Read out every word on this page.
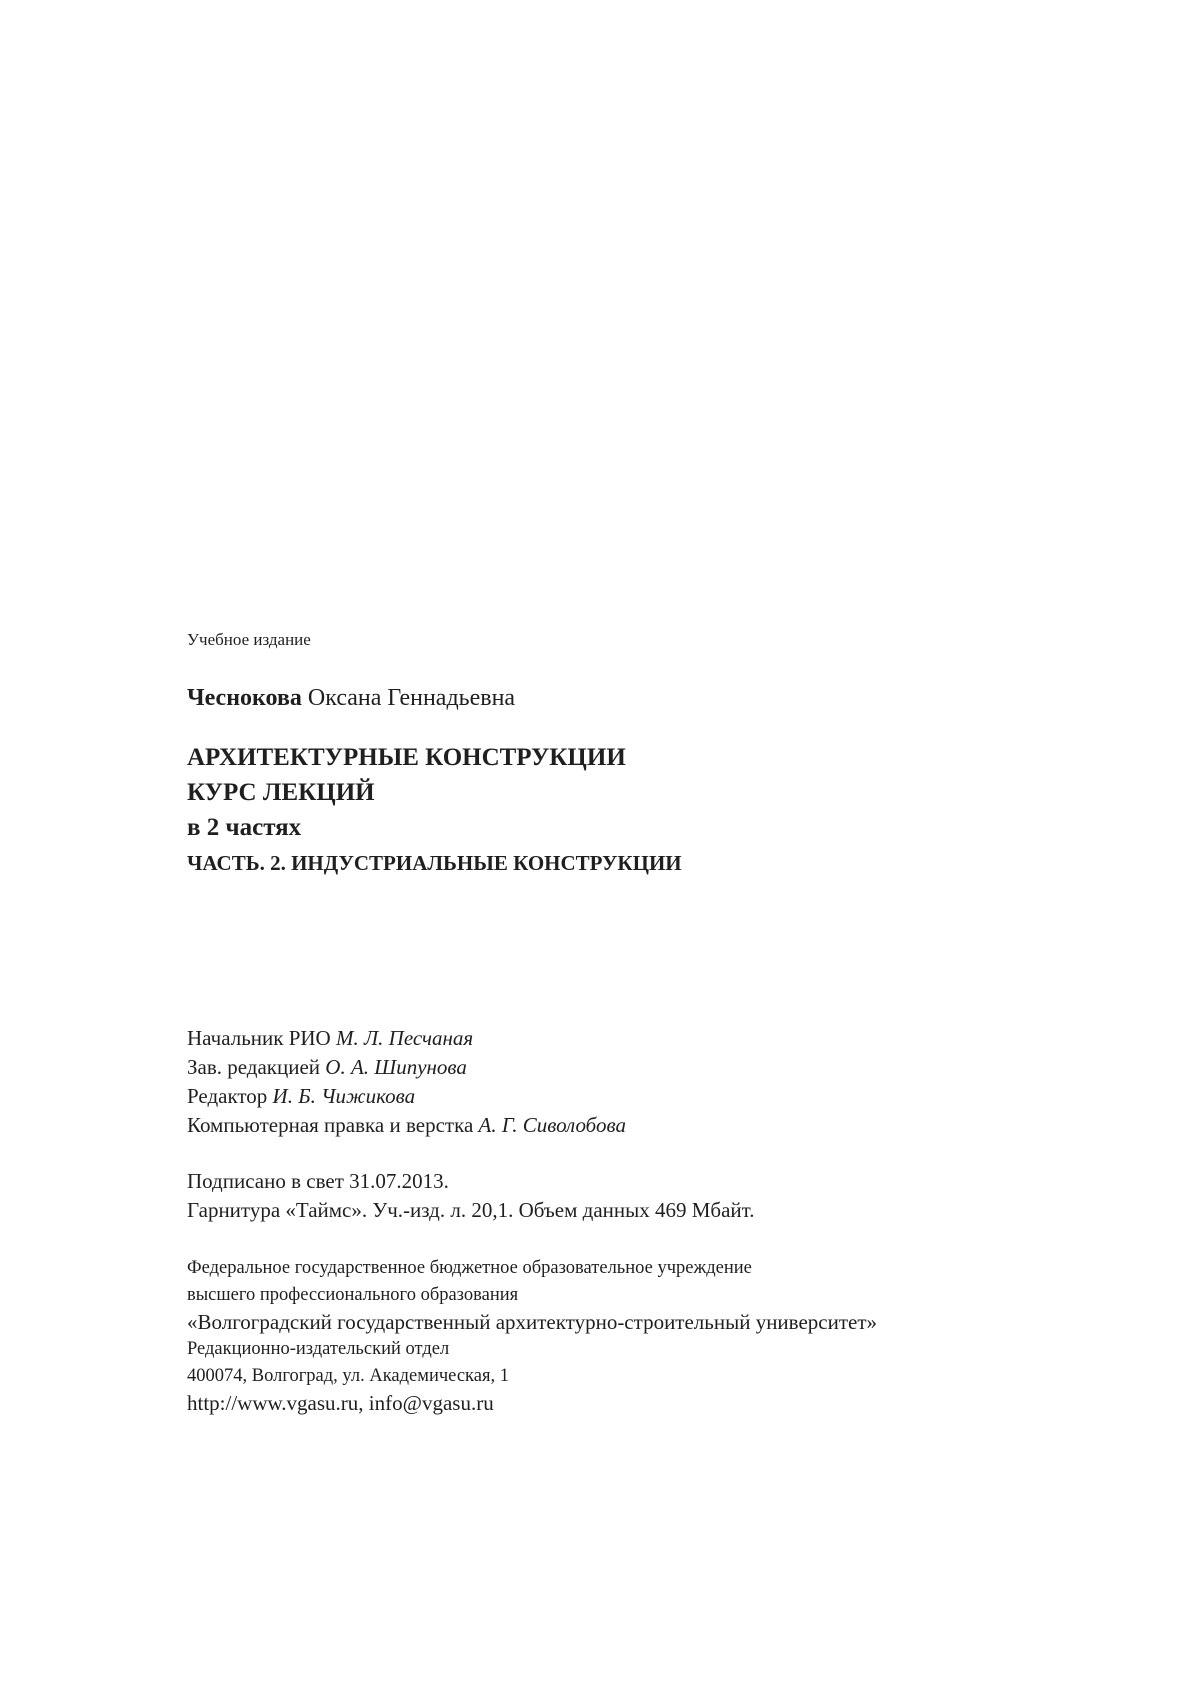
Учебное издание
Чеснокова Оксана Геннадьевна
АРХИТЕКТУРНЫЕ КОНСТРУКЦИИ
КУРС ЛЕКЦИЙ
в 2 частях
ЧАСТЬ. 2. ИНДУСТРИАЛЬНЫЕ КОНСТРУКЦИИ
Начальник РИО М. Л. Песчаная
Зав. редакцией О. А. Шипунова
Редактор И. Б. Чижикова
Компьютерная правка и верстка А. Г. Сиволобова
Подписано в свет 31.07.2013.
Гарнитура «Таймс». Уч.-изд. л. 20,1. Объем данных 469 Мбайт.
Федеральное государственное бюджетное образовательное учреждение
высшего профессионального образования
«Волгоградский государственный архитектурно-строительный университет»
Редакционно-издательский отдел
400074, Волгоград, ул. Академическая, 1
http://www.vgasu.ru, info@vgasu.ru
